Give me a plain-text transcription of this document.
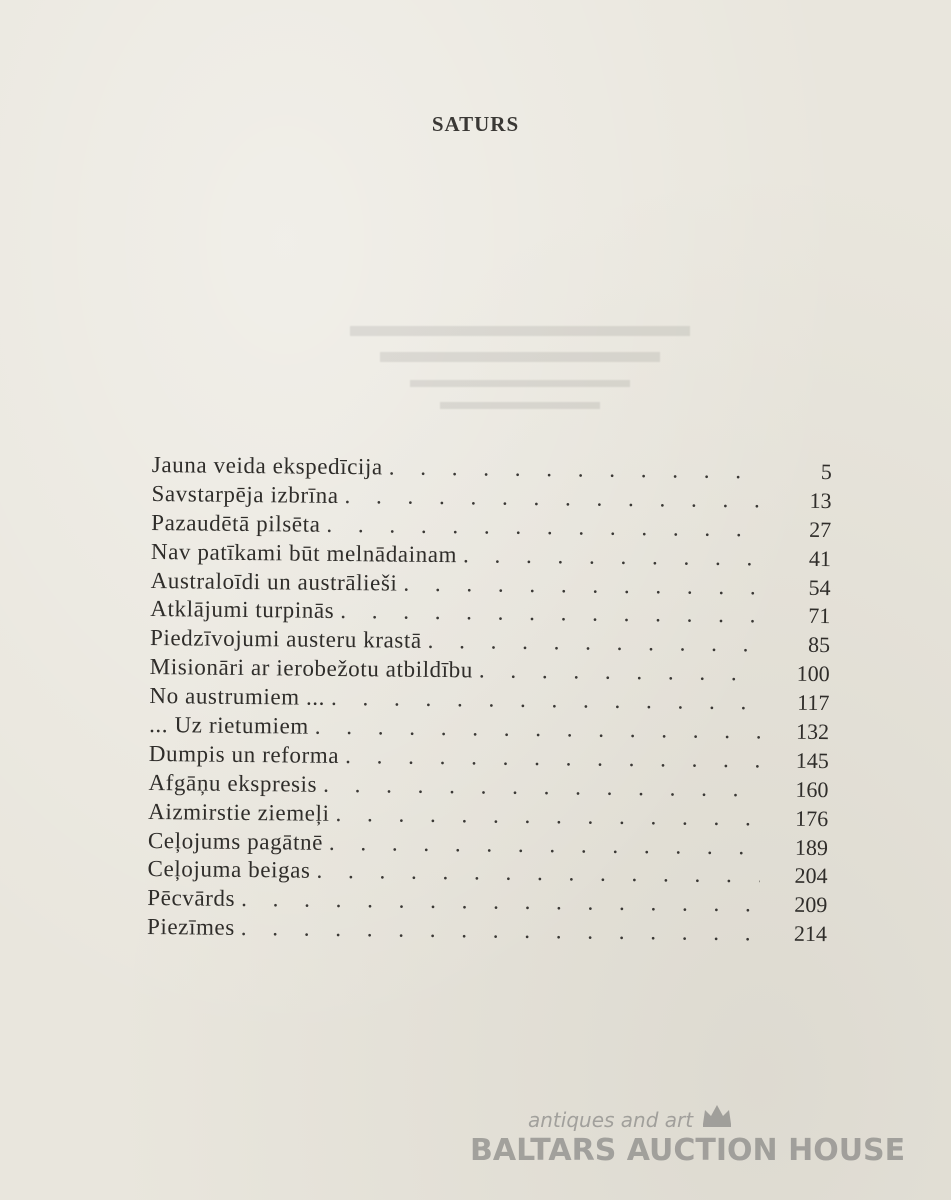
SATURS
Jauna veida ekspedīcija . . .	5
Savstarpēja izbrīna . . .	13
Pazaudētā pilsēta . . .	27
Nav patīkami būt melnādainam . . .	41
Australoīdi un austrālieši . . .	54
Atklājumi turpinās . . .	71
Piedzīvojumi austeru krastā . . .	85
Misionāri ar ierobežotu atbildību . . .	100
No austrumiem ... . . .	117
... Uz rietumiem . . .	132
Dumpis un reforma . . .	145
Afgāņu ekspresis . . .	160
Aizmirstie ziemeļi . . .	176
Ceļojums pagātnē . . .	189
Ceļojuma beigas . . .	204
Pēcvārds . . .	209
Piezīmes . . .	214
antiques and art
BALTARS AUCTION HOUSE
